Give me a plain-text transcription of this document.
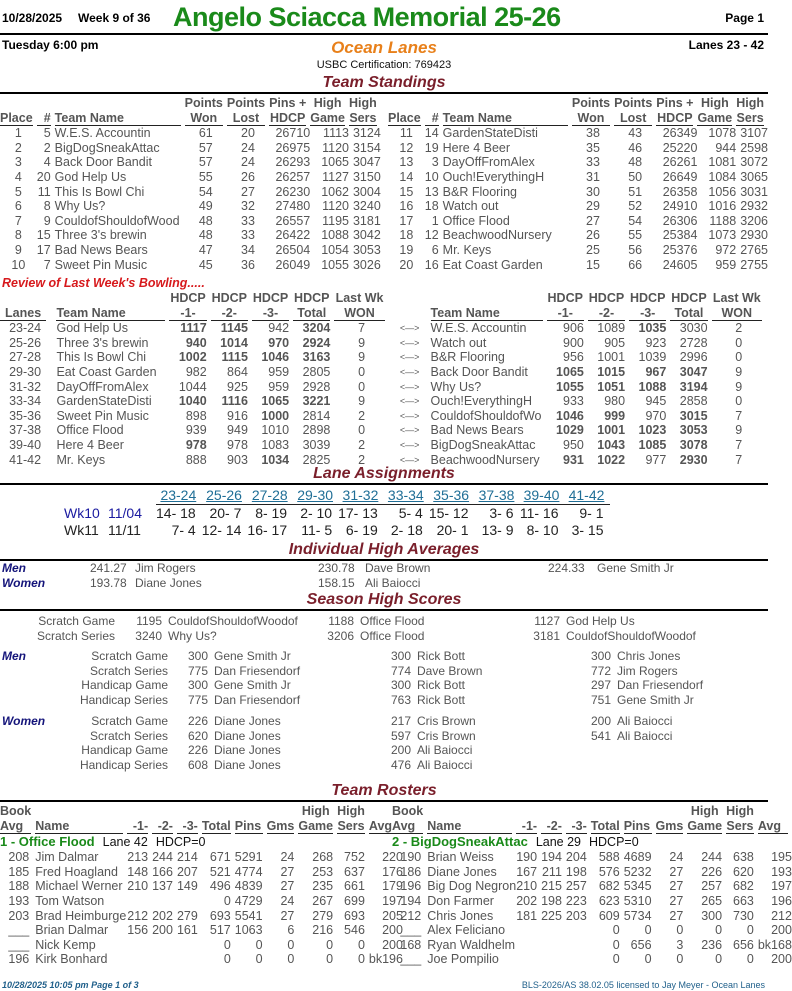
10/28/2025 Week 9 of 36 Angelo Sciacca Memorial 25-26	Page 1
Tuesday 6:00 pm	Ocean Lanes	Lanes 23 - 42
USBC Certification: 769423
Team Standings
Place	#	Team Name

Points
Won

Points
Lost

Pins +
HDCP

High
Game

High
Sers

1	5	W.E.S. Accountin	61	20	26710	1113	3124
2	2	BigDogSneakAttac	57	24	26975	1120	3154
3	4	Back Door Bandit	57	24	26293	1065	3047
4	20	God Help Us	55	26	26257	1127	3150
5	11	This Is Bowl Chi	54	27	26230	1062	3004
6	8	Why Us?	49	32	27480	1120	3240
7	9	CouldofShouldofWood	48	33	26557	1195	3181
8	15	Three 3's brewin	48	33	26422	1088	3042
9	17	Bad News Bears	47	34	26504	1054	3053
10	7	Sweet Pin Music	45	36	26049	1055	3026
Place	#	Team Name

Points
Won

Points
Lost

Pins +
HDCP

High
Game

High
Sers

11	14	GardenStateDisti	38	43	26349	1078	3107
12	19	Here 4 Beer	35	46	25220	944	2598
13	3	DayOffFromAlex	33	48	26261	1081	3072
14	10	Ouch!EverythingH	31	50	26649	1084	3065
15	13	B&R Flooring	30	51	26358	1056	3031
16	18	Watch out	29	52	24910	1016	2932
17	1	Office Flood	27	54	26306	1188	3206
18	12	BeachwoodNursery	26	55	25384	1073	2930
19	6	Mr. Keys	25	56	25376	972	2765
20	16	Eat Coast Garden	15	66	24605	959	2755
Review of Last Week's Bowling.....
Lanes		Team Name

HDCP
-1-

HDCP
-2-

HDCP
-3-

HDCP
Total

Last Wk
WON		Team Name

HDCP
-1-

HDCP
-2-

HDCP
-3-

HDCP
Total

Last Wk
WON

23-24		God Help Us	1117	1145	942	3204	7	<—>	W.E.S. Accountin	906	1089	1035	3030	2
25-26		Three 3's brewin	940	1014	970	2924	9	<—>	Watch out	900	905	923	2728	0
27-28		This Is Bowl Chi	1002	1115	1046	3163	9	<—>	B&R Flooring	956	1001	1039	2996	0
29-30		Eat Coast Garden	982	864	959	2805	0	<—>	Back Door Bandit	1065	1015	967	3047	9
31-32		DayOffFromAlex	1044	925	959	2928	0	<—>	Why Us?	1055	1051	1088	3194	9
33-34		GardenStateDisti	1040	1116	1065	3221	9	<—>	Ouch!EverythingH	933	980	945	2858	0
35-36		Sweet Pin Music	898	916	1000	2814	2	<—>	CouldofShouldofWo	1046	999	970	3015	7
37-38		Office Flood	939	949	1010	2898	0	<—>	Bad News Bears	1029	1001	1023	3053	9
39-40		Here 4 Beer	978	978	1083	3039	2	<—>	BigDogSneakAttac	950	1043	1085	3078	7
41-42		Mr. Keys	888	903	1034	2825	2	<—>	BeachwoodNursery	931	1022	977	2930	7
Lane Assignments
		23-24	25-26	27-28	29-30	31-32	33-34	35-36	37-38	39-40	41-42
Wk10	11/04	14- 18	20- 7	8- 19	2- 10	17- 13	5- 4	15- 12	3- 6	11- 16	9- 1
Wk11	11/11	7- 4	12- 14	16- 17	11- 5	6- 19	2- 18	20- 1	13- 9	8- 10	3- 15
Individual High Averages
Men	241.27 Jim Rogers	230.78 Dave Brown	224.33 Gene Smith Jr
Women	193.78 Diane Jones	158.15 Ali Baiocci
Season High Scores
Scratch Game 1195 CouldofShouldofWoodof	1188 Office Flood	1127 God Help Us
Scratch Series 3240 Why Us?	3206 Office Flood	3181 CouldofShouldofWoodof
Men	Scratch Game 300 Gene Smith Jr	300 Rick Bott	300 Chris Jones
Scratch Series 775 Dan Friesendorf	774 Dave Brown	772 Jim Rogers
Handicap Game 300 Gene Smith Jr	300 Rick Bott	297 Dan Friesendorf
Handicap Series 775 Dan Friesendorf	763 Rick Bott	751 Gene Smith Jr
Women	Scratch Game 226 Diane Jones	217 Cris Brown	200 Ali Baiocci
Scratch Series 620 Diane Jones	597 Cris Brown	541 Ali Baiocci
Handicap Game 226 Diane Jones	200 Ali Baiocci
Handicap Series 608 Diane Jones	476 Ali Baiocci
Team Rosters
Book
Avg	Name	-1-	-2-	-3-	Total	Pins	Gms

High
Game

High
Sers	Avg

1 - Office Flood Lane 42 HDCP=0
208	Jim Dalmar	213	244	214	671	5291	24	268	752	220
185	Fred Hoagland	148	166	207	521	4774	27	253	637	176
188	Michael Werner	210	137	149	496	4839	27	235	661	179
193	Tom Watson				0	4729	24	267	699	197
203	Brad Heimburge	212	202	279	693	5541	27	279	693	205
___	Brian Dalmar	156	200	161	517	1063	6	216	546	200
___	Nick Kemp				0	0	0	0	0	200
196	Kirk Bonhard				0	0	0	0	0	bk196
Book
Avg	Name	-1-	-2-	-3-	Total	Pins	Gms

High
Game

High
Sers	Avg

2 - BigDogSneakAttac Lane 29 HDCP=0
190	Brian Weiss	190	194	204	588	4689	24	244	638	195
186	Diane Jones	167	211	198	576	5232	27	226	620	193
196	Big Dog Negron	210	215	257	682	5345	27	257	682	197
194	Don Farmer	202	198	223	623	5310	27	265	663	196
212	Chris Jones	181	225	203	609	5734	27	300	730	212
___	Alex Feliciano				0	0	0	0	0	200
168	Ryan Waldhelm				0	656	3	236	656	bk168
___	Joe Pompilio				0	0	0	0	0	200
10/28/2025 10:05 pm Page 1 of 3	BLS-2026/AS 38.02.05 licensed to Jay Meyer - Ocean Lanes
